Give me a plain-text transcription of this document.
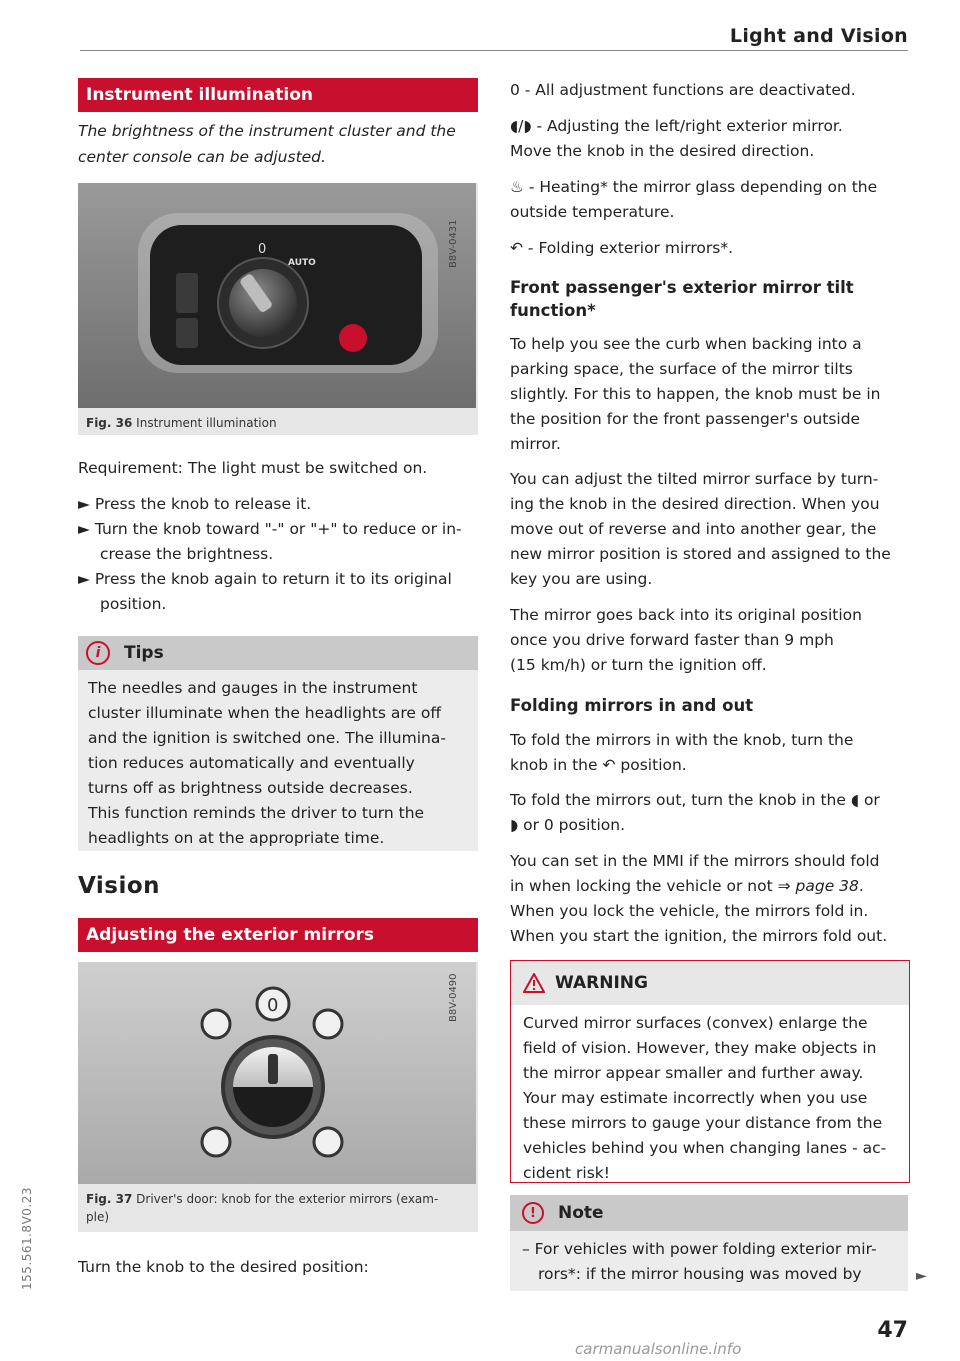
Light and Vision
155.561.8V0.23
Instrument illumination
The brightness of the instrument cluster and the center console can be adjusted.
0
AUTO	B8V-0431
Fig. 36 Instrument illumination
Requirement: The light must be switched on.
► Press the knob to release it.
► Turn the knob toward "-" or "+" to reduce or in-
crease the brightness.
► Press the knob again to return it to its original
position.
i	Tips
The needles and gauges in the instrument
cluster illuminate when the headlights are off
and the ignition is switched one. The illumina-
tion reduces automatically and eventually
turns off as brightness outside decreases.
This function reminds the driver to turn the
headlights on at the appropriate time.
Vision
Adjusting the exterior mirrors
0	B8V-0490
Fig. 37 Driver's door: knob for the exterior mirrors (exam-
ple)
Turn the knob to the desired position:
0 - All adjustment functions are deactivated.
◖/◗ - Adjusting the left/right exterior mirror.
Move the knob in the desired direction.
♨ - Heating* the mirror glass depending on the
outside temperature.
↶ - Folding exterior mirrors*.
Front passenger's exterior mirror tilt
function*
To help you see the curb when backing into a
parking space, the surface of the mirror tilts
slightly. For this to happen, the knob must be in
the position for the front passenger's outside
mirror.
You can adjust the tilted mirror surface by turn-
ing the knob in the desired direction. When you
move out of reverse and into another gear, the
new mirror position is stored and assigned to the
key you are using.
The mirror goes back into its original position
once you drive forward faster than 9 mph
(15 km/h) or turn the ignition off.
Folding mirrors in and out
To fold the mirrors in with the knob, turn the
knob in the ↶ position.
To fold the mirrors out, turn the knob in the ◖ or
◗ or 0 position.
You can set in the MMI if the mirrors should fold
in when locking the vehicle or not ⇒ page 38.
When you lock the vehicle, the mirrors fold in.
When you start the ignition, the mirrors fold out.
WARNING
Curved mirror surfaces (convex) enlarge the
field of vision. However, they make objects in
the mirror appear smaller and further away.
Your may estimate incorrectly when you use
these mirrors to gauge your distance from the
vehicles behind you when changing lanes - ac-
cident risk!
!	Note
– For vehicles with power folding exterior mir-
rors*: if the mirror housing was moved by	►
47
carmanualsonline.info
